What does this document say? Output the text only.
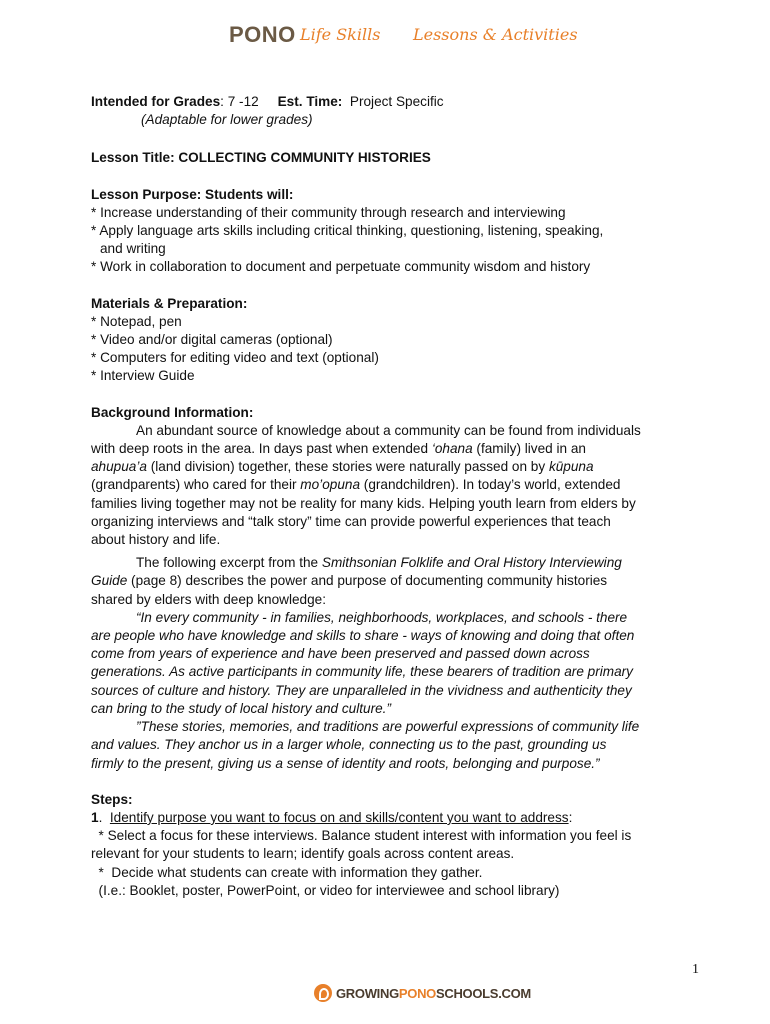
PONO Life Skills Lessons & Activities
Intended for Grades: 7 -12 Est. Time: Project Specific
(Adaptable for lower grades)
Lesson Title: COLLECTING COMMUNITY HISTORIES
Lesson Purpose: Students will:
* Increase understanding of their community through research and interviewing
* Apply language arts skills including critical thinking, questioning, listening, speaking,
and writing
* Work in collaboration to document and perpetuate community wisdom and history
Materials & Preparation:
* Notepad, pen
* Video and/or digital cameras (optional)
* Computers for editing video and text (optional)
* Interview Guide
Background Information:
An abundant source of knowledge about a community can be found from individuals
with deep roots in the area. In days past when extended ‘ohana (family) lived in an
ahupua’a (land division) together, these stories were naturally passed on by kūpuna
(grandparents) who cared for their mo’opuna (grandchildren). In today’s world, extended
families living together may not be reality for many kids. Helping youth learn from elders by
organizing interviews and “talk story” time can provide powerful experiences that teach
about history and life.
The following excerpt from the Smithsonian Folklife and Oral History Interviewing
Guide (page 8) describes the power and purpose of documenting community histories
shared by elders with deep knowledge:
“In every community - in families, neighborhoods, workplaces, and schools - there
are people who have knowledge and skills to share - ways of knowing and doing that often
come from years of experience and have been preserved and passed down across
generations. As active participants in community life, these bearers of tradition are primary
sources of culture and history. They are unparalleled in the vividness and authenticity they
can bring to the study of local history and culture.”
”These stories, memories, and traditions are powerful expressions of community life
and values. They anchor us in a larger whole, connecting us to the past, grounding us
firmly to the present, giving us a sense of identity and roots, belonging and purpose.”
Steps:
1.  Identify purpose you want to focus on and skills/content you want to address:
* Select a focus for these interviews. Balance student interest with information you feel is
relevant for your students to learn; identify goals across content areas.
*  Decide what students can create with information they gather.
(I.e.: Booklet, poster, PowerPoint, or video for interviewee and school library)
1
GROWINGPONOSCHOOLS.COM
